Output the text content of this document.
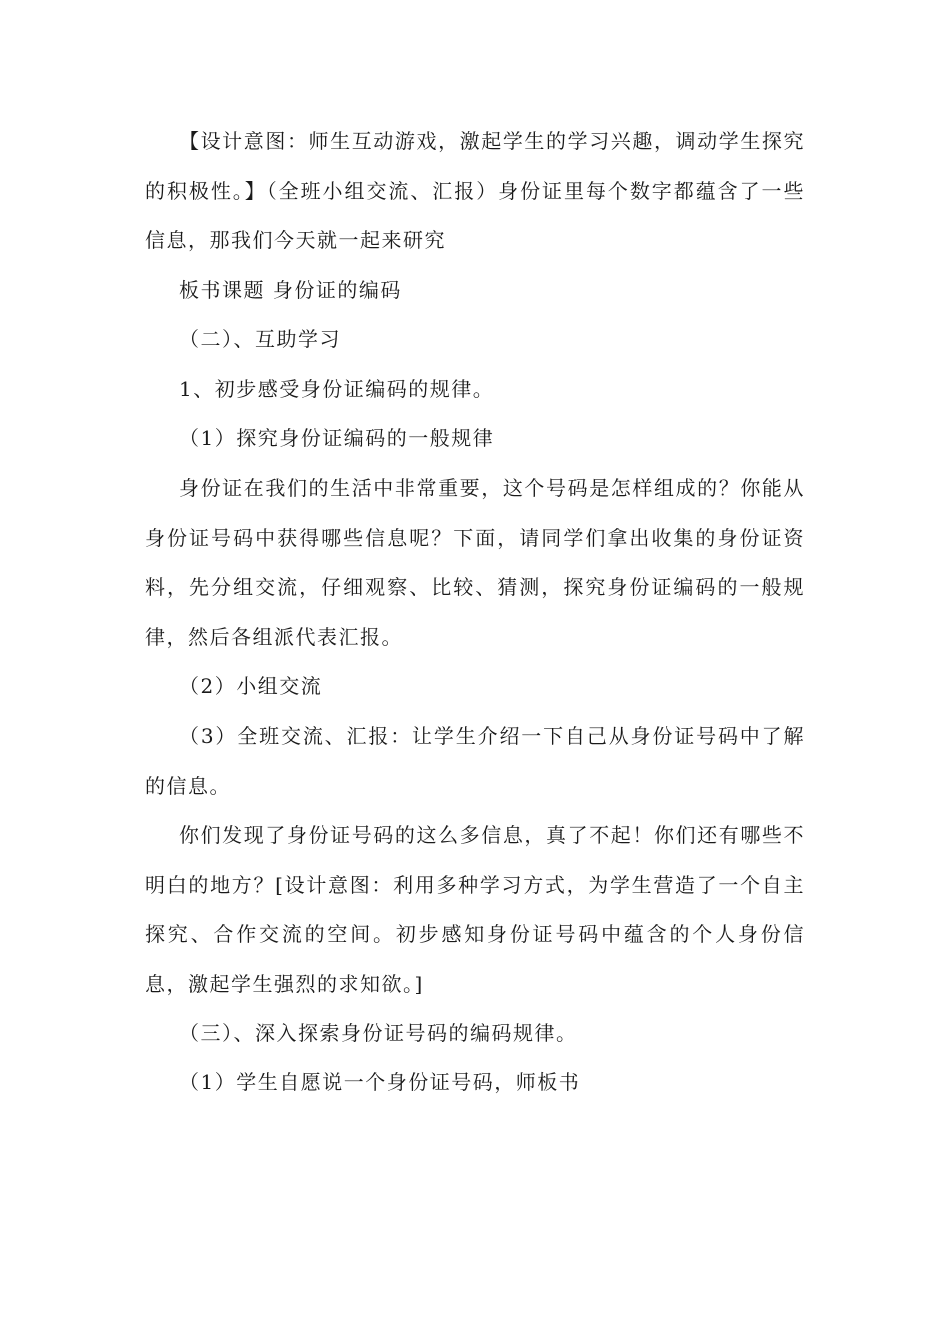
【设计意图：师生互动游戏，激起学生的学习兴趣，调动学生探究的积极性。】（全班小组交流、汇报）身份证里每个数字都蕴含了一些信息，那我们今天就一起来研究

板书课题 身份证的编码

（二）、互助学习

1、初步感受身份证编码的规律。

（1）探究身份证编码的一般规律

身份证在我们的生活中非常重要，这个号码是怎样组成的？你能从身份证号码中获得哪些信息呢？下面，请同学们拿出收集的身份证资料，先分组交流，仔细观察、比较、猜测，探究身份证编码的一般规律，然后各组派代表汇报。

（2）小组交流

（3）全班交流、汇报：让学生介绍一下自己从身份证号码中了解的信息。

你们发现了身份证号码的这么多信息，真了不起！你们还有哪些不明白的地方？[设计意图：利用多种学习方式，为学生营造了一个自主探究、合作交流的空间。初步感知身份证号码中蕴含的个人身份信息，激起学生强烈的求知欲。]

（三）、深入探索身份证号码的编码规律。

（1）学生自愿说一个身份证号码，师板书
